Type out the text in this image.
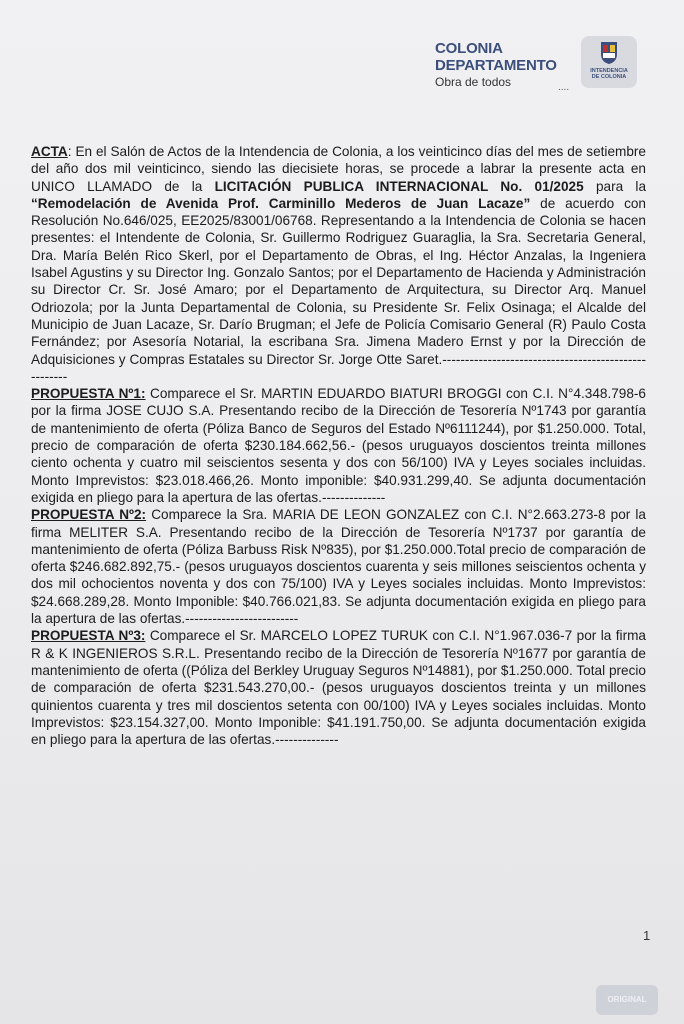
COLONIA
DEPARTAMENTO
Obra de todos	....
INTENDENCIA
DE COLONIA

ACTA: En el Salón de Actos de la Intendencia de Colonia, a los veinticinco días del mes de setiembre del año dos mil veinticinco, siendo las diecisiete horas, se procede a labrar la presente acta en UNICO LLAMADO de la LICITACIÓN PUBLICA INTERNACIONAL No. 01/2025 para la “Remodelación de Avenida Prof. Carminillo Mederos de Juan Lacaze” de acuerdo con Resolución No.646/025, EE2025/83001/06768. Representando a la Intendencia de Colonia se hacen presentes: el Intendente de Colonia, Sr. Guillermo Rodriguez Guaraglia, la Sra. Secretaria General, Dra. María Belén Rico Skerl, por el Departamento de Obras, el Ing. Héctor Anzalas, la Ingeniera Isabel Agustins y su Director Ing. Gonzalo Santos; por el Departamento de Hacienda y Administración su Director Cr. Sr. José Amaro; por el Departamento de Arquitectura, su Director Arq. Manuel Odriozola; por la Junta Departamental de Colonia, su Presidente Sr. Felix Osinaga; el Alcalde del Municipio de Juan Lacaze, Sr. Darío Brugman; el Jefe de Policía Comisario General (R) Paulo Costa Fernández; por Asesoría Notarial, la escribana Sra. Jimena Madero Ernst y por la Dirección de Adquisiciones y Compras Estatales su Director Sr. Jorge Otte Saret.-----------------------------------------------------

PROPUESTA Nº1: Comparece el Sr. MARTIN EDUARDO BIATURI BROGGI con C.I. N°4.348.798-6 por la firma JOSE CUJO S.A. Presentando recibo de la Dirección de Tesorería Nº1743 por garantía de mantenimiento de oferta (Póliza Banco de Seguros del Estado Nº6111244), por $1.250.000. Total, precio de comparación de oferta $230.184.662,56.- (pesos uruguayos doscientos treinta millones ciento ochenta y cuatro mil seiscientos sesenta y dos con 56/100) IVA y Leyes sociales incluidas. Monto Imprevistos: $23.018.466,26. Monto imponible: $40.931.299,40. Se adjunta documentación exigida en pliego para la apertura de las ofertas.--------------

PROPUESTA Nº2: Comparece la Sra. MARIA DE LEON GONZALEZ con C.I. N°2.663.273-8 por la firma MELITER S.A. Presentando recibo de la Dirección de Tesorería Nº1737 por garantía de mantenimiento de oferta (Póliza Barbuss Risk Nº835), por $1.250.000.Total precio de comparación de oferta $246.682.892,75.- (pesos uruguayos doscientos cuarenta y seis millones seiscientos ochenta y dos mil ochocientos noventa y dos con 75/100) IVA y Leyes sociales incluidas. Monto Imprevistos: $24.668.289,28. Monto Imponible: $40.766.021,83. Se adjunta documentación exigida en pliego para la apertura de las ofertas.-------------------------

PROPUESTA Nº3: Comparece el Sr. MARCELO LOPEZ TURUK con C.I. N°1.967.036-7 por la firma R & K INGENIEROS S.R.L. Presentando recibo de la Dirección de Tesorería Nº1677 por garantía de mantenimiento de oferta ((Póliza del Berkley Uruguay Seguros Nº14881), por $1.250.000. Total precio de comparación de oferta $231.543.270,00.- (pesos uruguayos doscientos treinta y un millones quinientos cuarenta y tres mil doscientos setenta con 00/100) IVA y Leyes sociales incluidas. Monto Imprevistos: $23.154.327,00. Monto Imponible: $41.191.750,00. Se adjunta documentación exigida en pliego para la apertura de las ofertas.--------------

1
ORIGINAL
